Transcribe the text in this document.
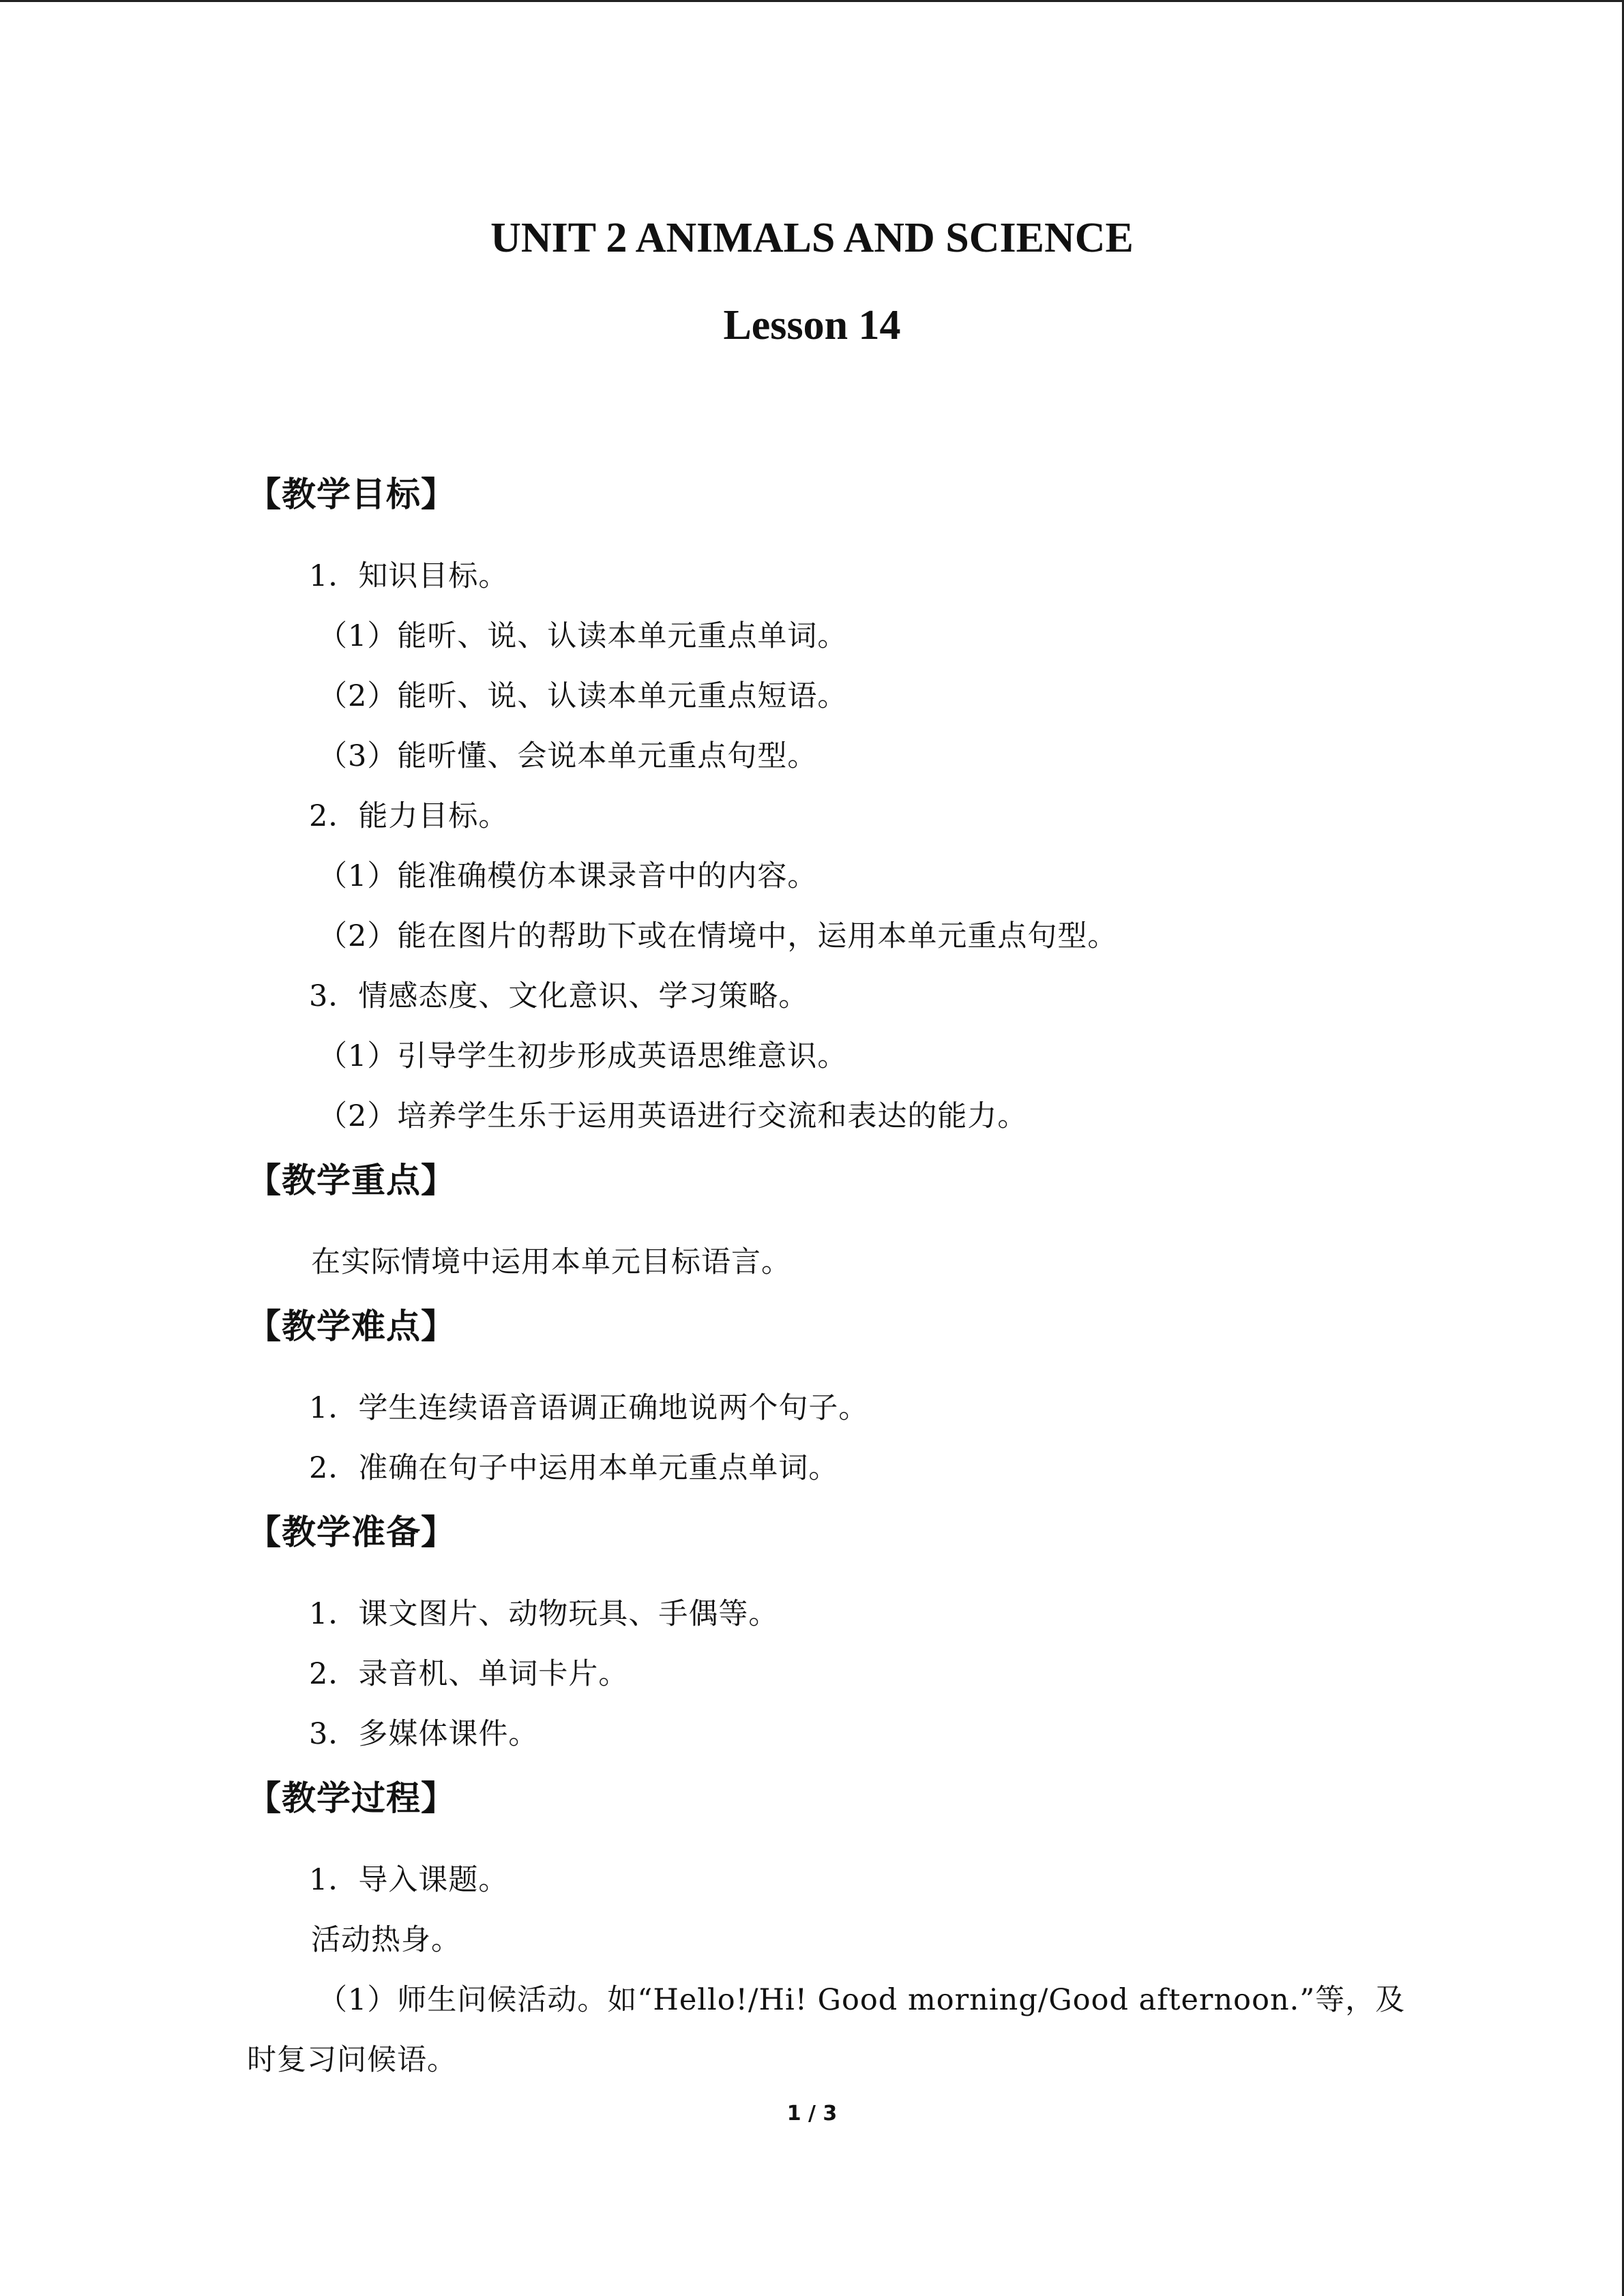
UNIT 2 ANIMALS AND SCIENCE
Lesson 14
【教学目标】
1．知识目标。
（1）能听、说、认读本单元重点单词。
（2）能听、说、认读本单元重点短语。
（3）能听懂、会说本单元重点句型。
2．能力目标。
（1）能准确模仿本课录音中的内容。
（2）能在图片的帮助下或在情境中，运用本单元重点句型。
3．情感态度、文化意识、学习策略。
（1）引导学生初步形成英语思维意识。
（2）培养学生乐于运用英语进行交流和表达的能力。
【教学重点】
在实际情境中运用本单元目标语言。
【教学难点】
1．学生连续语音语调正确地说两个句子。
2．准确在句子中运用本单元重点单词。
【教学准备】
1．课文图片、动物玩具、手偶等。
2．录音机、单词卡片。
3．多媒体课件。
【教学过程】
1．导入课题。
活动热身。
（1）师生问候活动。如“Hello!/Hi! Good morning/Good afternoon.”等，及
时复习问候语。
1 / 3
